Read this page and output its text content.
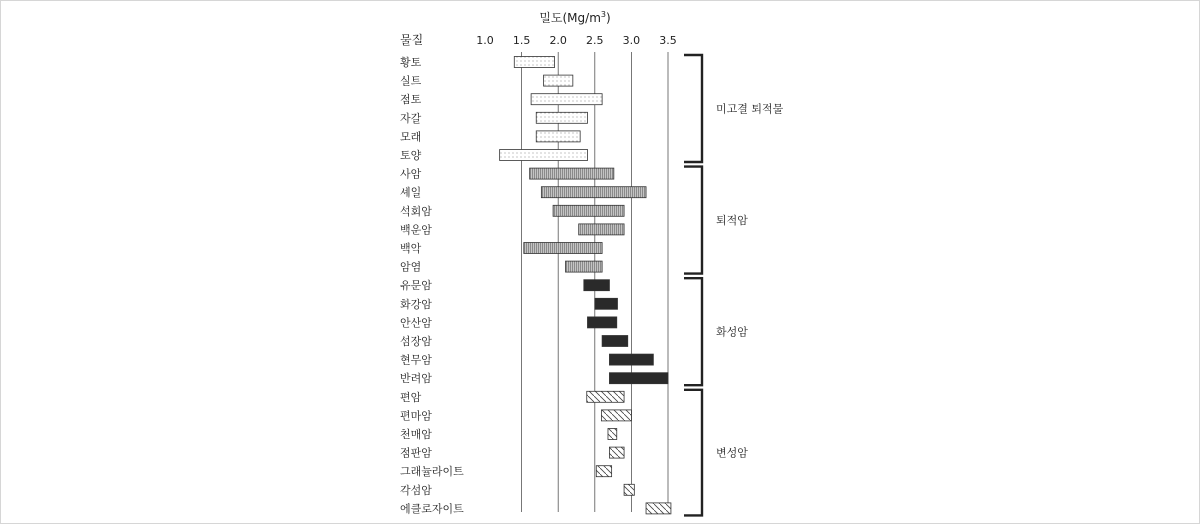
밀도$(Mg/m^3)$
물질	1.0 1.5 2.0 2.5 3.0 3.5
황토
실트
점토
자갈
모래
토양
사암
셰일
석회암
백운암
백악
암염
유문암
화강암
안산암
섬장암
현무암
반려암
편암
편마암
천매암
점판암
그래뉼라이트
각섬암
에클로자이트
미고결 퇴적물
퇴적암
화성암
변성암
